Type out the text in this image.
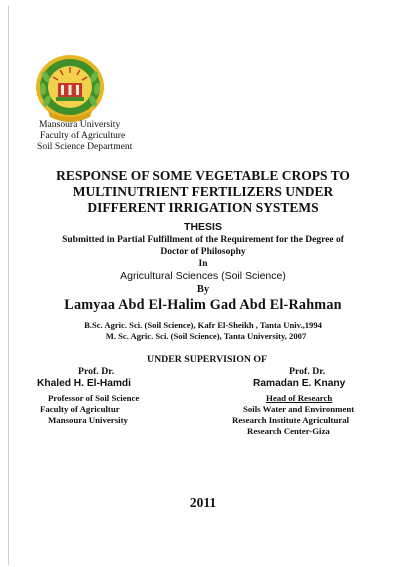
Mansoura University
Faculty of Agriculture
Soil Science Department
RESPONSE OF SOME VEGETABLE CROPS TO
MULTINUTRIENT FERTILIZERS UNDER
DIFFERENT IRRIGATION SYSTEMS
THESIS
Submitted in Partial Fulfillment of the Requirement for the Degree of
Doctor of Philosophy
In
Agricultural Sciences (Soil Science)
By
Lamyaa Abd El-Halim Gad Abd El-Rahman
B.Sc. Agric. Sci. (Soil Science), Kafr El-Sheikh , Tanta Univ.,1994
M. Sc. Agric. Sci. (Soil Science), Tanta University, 2007
UNDER SUPERVISION OF
Prof. Dr.
Khaled H. El-Hamdi
Professor of Soil Science
Faculty of Agricultur
Mansoura University
Prof. Dr.
Ramadan E. Knany
Head of Research
Soils Water and Environment
Research Institute Agricultural
Research Center-Giza
2011
